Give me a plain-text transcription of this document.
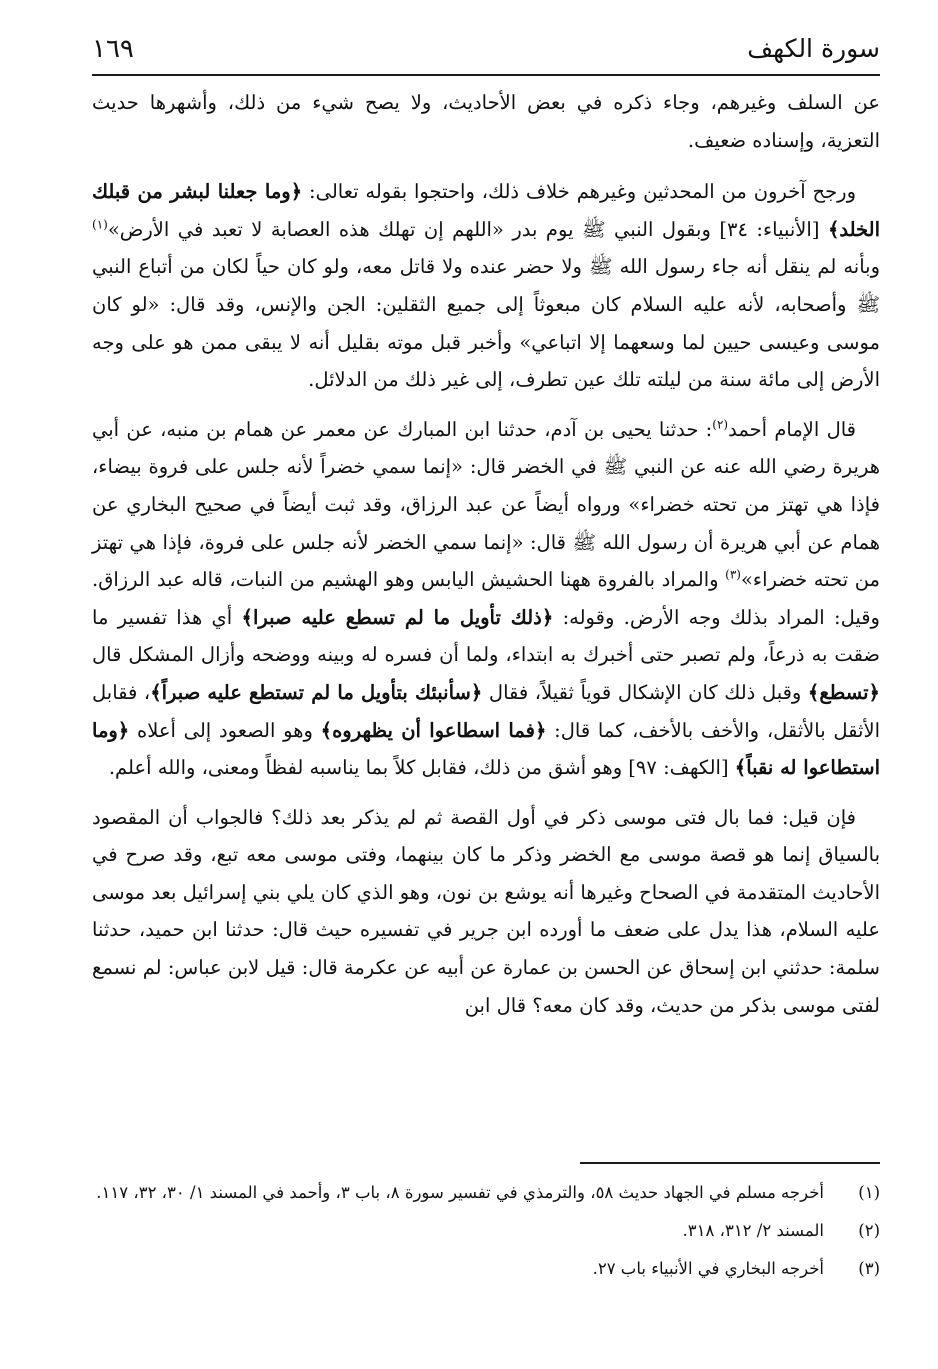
سورة الكهف
١٦٩

عن السلف وغيرهم، وجاء ذكره في بعض الأحاديث، ولا يصح شيء من ذلك، وأشهرها حديث التعزية، وإسناده ضعيف.

ورجح آخرون من المحدثين وغيرهم خلاف ذلك، واحتجوا بقوله تعالى: ﴿وما جعلنا لبشر من قبلك الخلد﴾ [الأنبياء: ٣٤] وبقول النبي ﷺ يوم بدر «اللهم إن تهلك هذه العصابة لا تعبد في الأرض»$^{(١)}$ وبأنه لم ينقل أنه جاء رسول الله ﷺ ولا حضر عنده ولا قاتل معه، ولو كان حياً لكان من أتباع النبي ﷺ وأصحابه، لأنه عليه السلام كان مبعوثاً إلى جميع الثقلين: الجن والإنس، وقد قال: «لو كان موسى وعيسى حيين لما وسعهما إلا اتباعي» وأخبر قبل موته بقليل أنه لا يبقى ممن هو على وجه الأرض إلى مائة سنة من ليلته تلك عين تطرف، إلى غير ذلك من الدلائل.

قال الإمام أحمد$^{(٢)}$: حدثنا يحيى بن آدم، حدثنا ابن المبارك عن معمر عن همام بن منبه، عن أبي هريرة رضي الله عنه عن النبي ﷺ في الخضر قال: «إنما سمي خضراً لأنه جلس على فروة بيضاء، فإذا هي تهتز من تحته خضراء» ورواه أيضاً عن عبد الرزاق، وقد ثبت أيضاً في صحيح البخاري عن همام عن أبي هريرة أن رسول الله ﷺ قال: «إنما سمي الخضر لأنه جلس على فروة، فإذا هي تهتز من تحته خضراء»$^{(٣)}$ والمراد بالفروة ههنا الحشيش اليابس وهو الهشيم من النبات، قاله عبد الرزاق. وقيل: المراد بذلك وجه الأرض. وقوله: ﴿ذلك تأويل ما لم تسطع عليه صبرا﴾ أي هذا تفسير ما ضقت به ذرعاً، ولم تصبر حتى أخبرك به ابتداء، ولما أن فسره له وبينه ووضحه وأزال المشكل قال ﴿تسطع﴾ وقبل ذلك كان الإشكال قوياً ثقيلاً، فقال ﴿سأنبئك بتأويل ما لم تستطع عليه صبراً﴾، فقابل الأثقل بالأثقل، والأخف بالأخف، كما قال: ﴿فما اسطاعوا أن يظهروه﴾ وهو الصعود إلى أعلاه ﴿وما استطاعوا له نقباً﴾ [الكهف: ٩٧] وهو أشق من ذلك، فقابل كلاً بما يناسبه لفظاً ومعنى، والله أعلم.

فإن قيل: فما بال فتى موسى ذكر في أول القصة ثم لم يذكر بعد ذلك؟ فالجواب أن المقصود بالسياق إنما هو قصة موسى مع الخضر وذكر ما كان بينهما، وفتى موسى معه تبع، وقد صرح في الأحاديث المتقدمة في الصحاح وغيرها أنه يوشع بن نون، وهو الذي كان يلي بني إسرائيل بعد موسى عليه السلام، هذا يدل على ضعف ما أورده ابن جرير في تفسيره حيث قال: حدثنا ابن حميد، حدثنا سلمة: حدثني ابن إسحاق عن الحسن بن عمارة عن أبيه عن عكرمة قال: قيل لابن عباس: لم نسمع لفتى موسى بذكر من حديث، وقد كان معه؟ قال ابن

(١)
أخرجه مسلم في الجهاد حديث ٥٨، والترمذي في تفسير سورة ٨، باب ٣، وأحمد في المسند ١/ ٣٠، ٣٢، ١١٧.
(٢)
المسند ٢/ ٣١٢، ٣١٨.
(٣)
أخرجه البخاري في الأنبياء باب ٢٧.
